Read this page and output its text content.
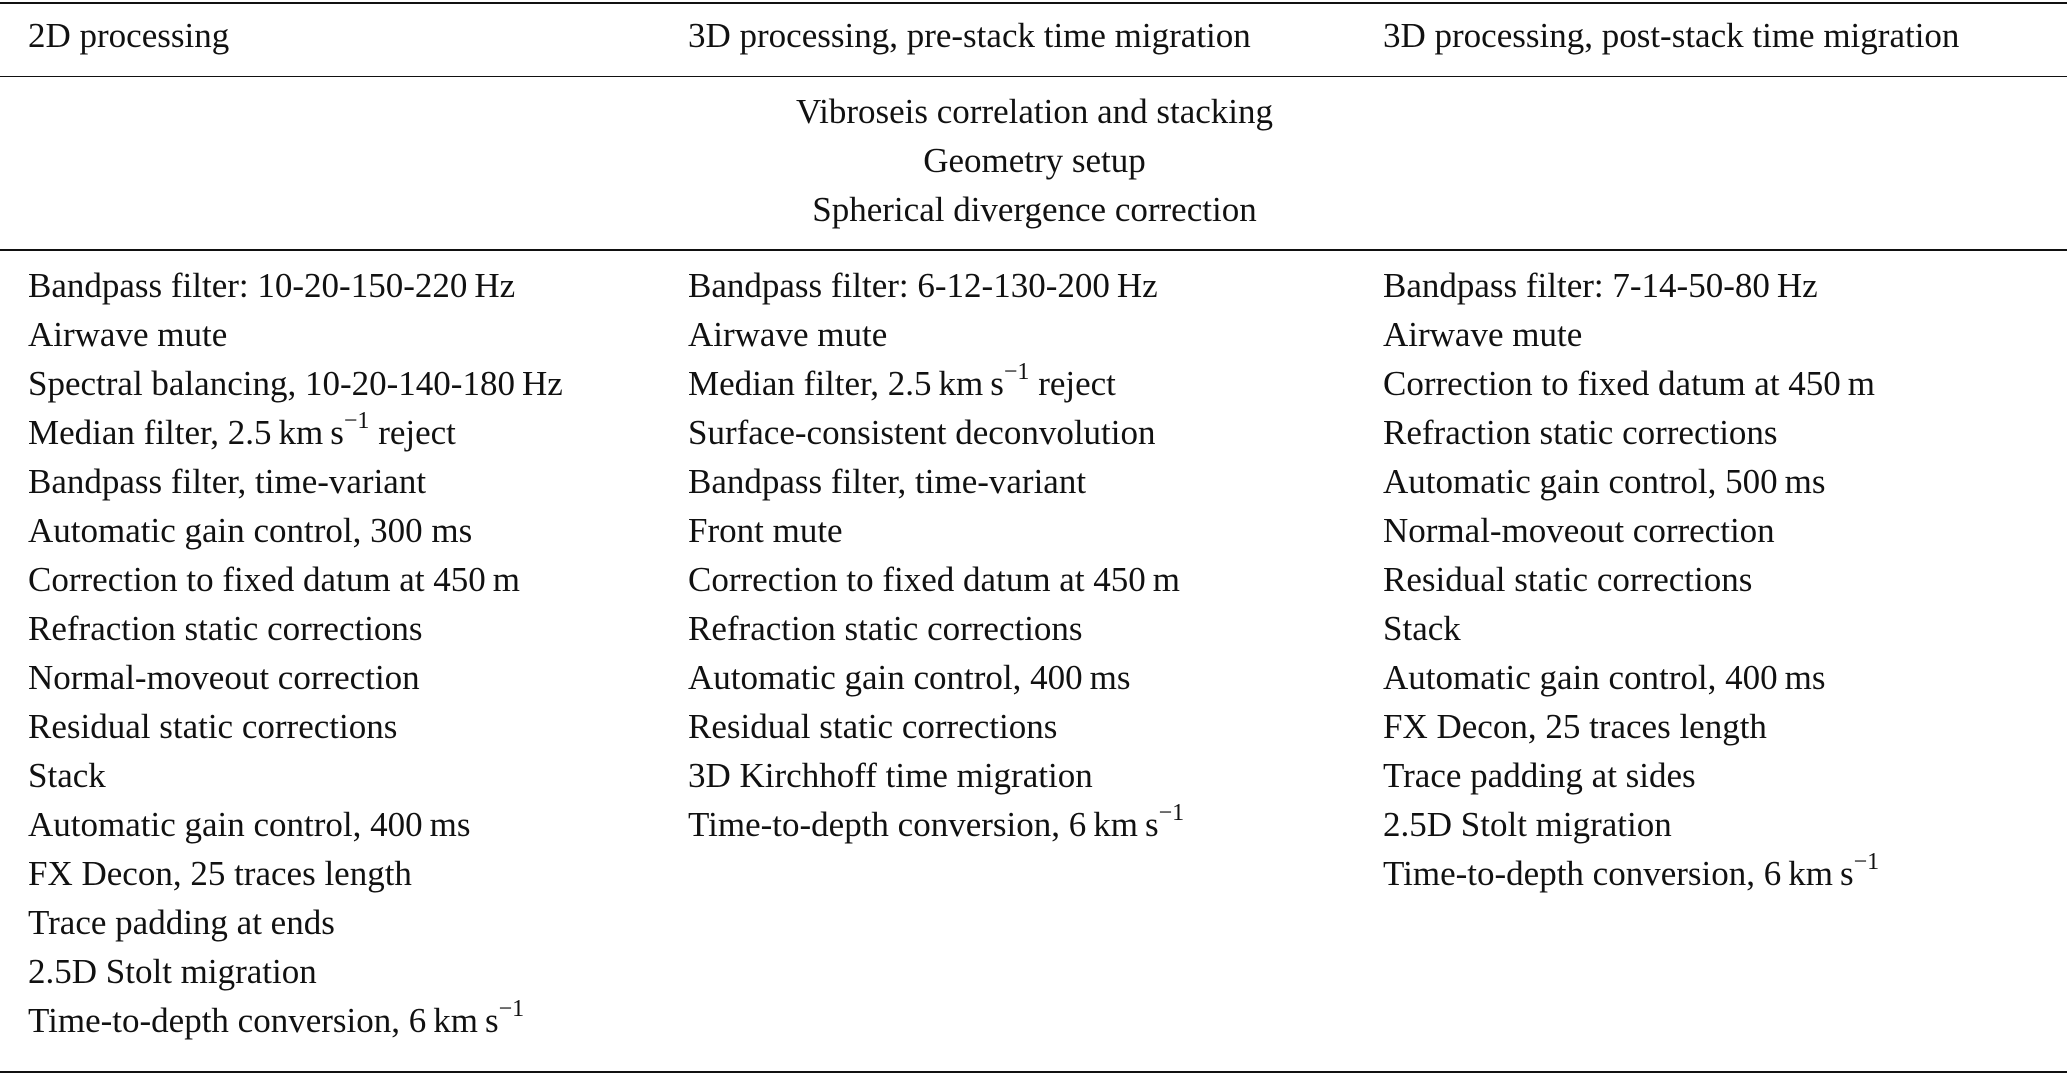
2D processing	3D processing, pre-stack time migration	3D processing, post-stack time migration
Vibroseis correlation and stacking
Geometry setup
Spherical divergence correction
Bandpass filter: 10-20-150-220 Hz
Airwave mute
Spectral balancing, 10-20-140-180 Hz
Median filter, 2.5 km $s^{-1}$ reject
Bandpass filter, time-variant
Automatic gain control, 300 ms
Correction to fixed datum at 450 m
Refraction static corrections
Normal-moveout correction
Residual static corrections
Stack
Automatic gain control, 400 ms
FX Decon, 25 traces length
Trace padding at ends
2.5D Stolt migration
Time-to-depth conversion, 6 km $s^{-1}$
Bandpass filter: 6-12-130-200 Hz
Airwave mute
Median filter, 2.5 km $s^{-1}$ reject
Surface-consistent deconvolution
Bandpass filter, time-variant
Front mute
Correction to fixed datum at 450 m
Refraction static corrections
Automatic gain control, 400 ms
Residual static corrections
3D Kirchhoff time migration
Time-to-depth conversion, 6 km $s^{-1}$
Bandpass filter: 7-14-50-80 Hz
Airwave mute
Correction to fixed datum at 450 m
Refraction static corrections
Automatic gain control, 500 ms
Normal-moveout correction
Residual static corrections
Stack
Automatic gain control, 400 ms
FX Decon, 25 traces length
Trace padding at sides
2.5D Stolt migration
Time-to-depth conversion, 6 km $s^{-1}$
